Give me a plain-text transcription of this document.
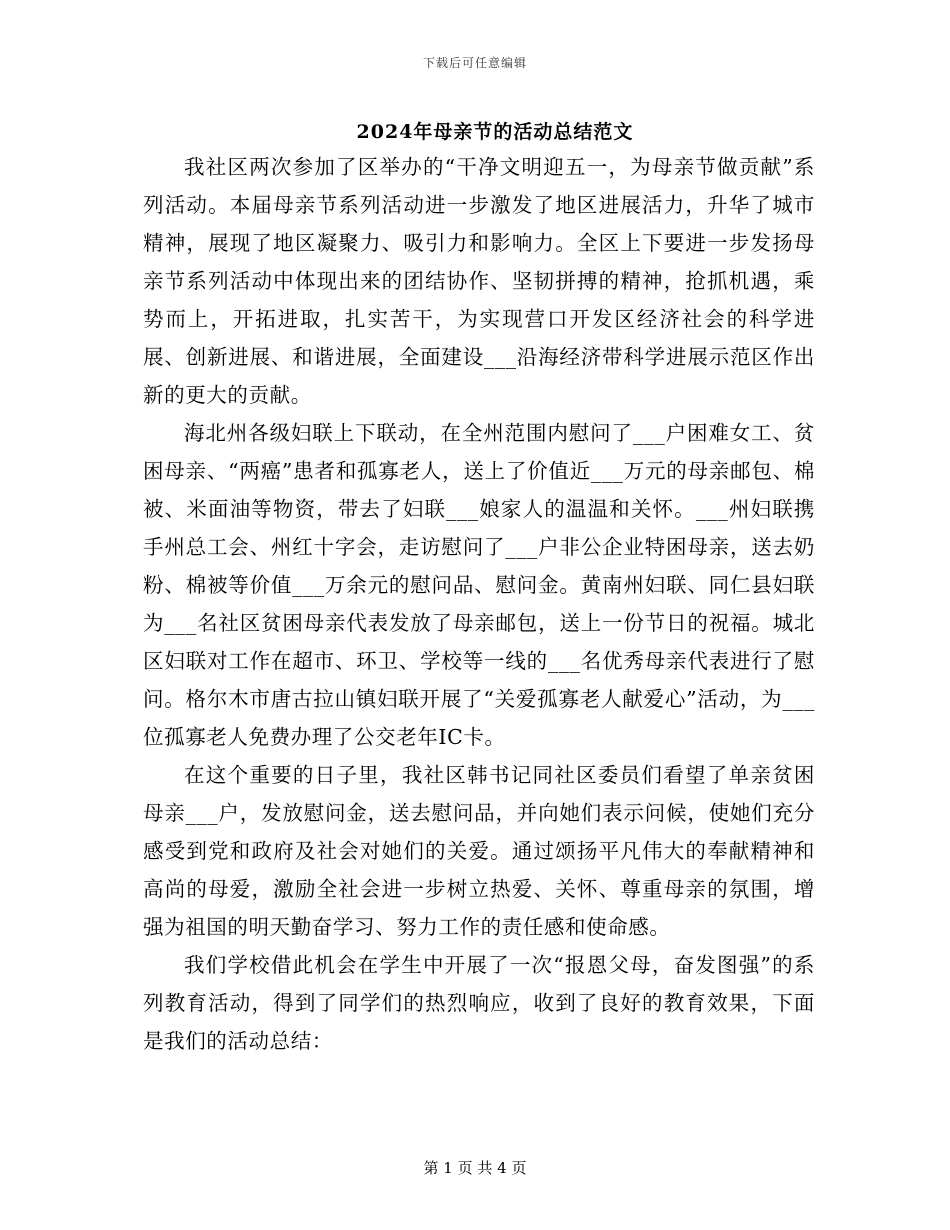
下载后可任意编辑
2024年母亲节的活动总结范文

我社区两次参加了区举办的“干净文明迎五一，为母亲节做贡献”系列活动。本届母亲节系列活动进一步激发了地区进展活力，升华了城市精神，展现了地区凝聚力、吸引力和影响力。全区上下要进一步发扬母亲节系列活动中体现出来的团结协作、坚韧拼搏的精神，抢抓机遇，乘势而上，开拓进取，扎实苦干，为实现营口开发区经济社会的科学进展、创新进展、和谐进展，全面建设___沿海经济带科学进展示范区作出新的更大的贡献。

海北州各级妇联上下联动，在全州范围内慰问了___户困难女工、贫困母亲、“两癌”患者和孤寡老人，送上了价值近___万元的母亲邮包、棉被、米面油等物资，带去了妇联___娘家人的温温和关怀。___州妇联携手州总工会、州红十字会，走访慰问了___户非公企业特困母亲，送去奶粉、棉被等价值___万余元的慰问品、慰问金。黄南州妇联、同仁县妇联为___名社区贫困母亲代表发放了母亲邮包，送上一份节日的祝福。城北区妇联对工作在超市、环卫、学校等一线的___名优秀母亲代表进行了慰问。格尔木市唐古拉山镇妇联开展了“关爱孤寡老人献爱心”活动，为___位孤寡老人免费办理了公交老年IC卡。

在这个重要的日子里，我社区韩书记同社区委员们看望了单亲贫困母亲___户，发放慰问金，送去慰问品，并向她们表示问候，使她们充分感受到党和政府及社会对她们的关爱。通过颂扬平凡伟大的奉献精神和高尚的母爱，激励全社会进一步树立热爱、关怀、尊重母亲的氛围，增强为祖国的明天勤奋学习、努力工作的责任感和使命感。

我们学校借此机会在学生中开展了一次“报恩父母，奋发图强”的系列教育活动，得到了同学们的热烈响应，收到了良好的教育效果，下面是我们的活动总结：

第 1 页 共 4 页
